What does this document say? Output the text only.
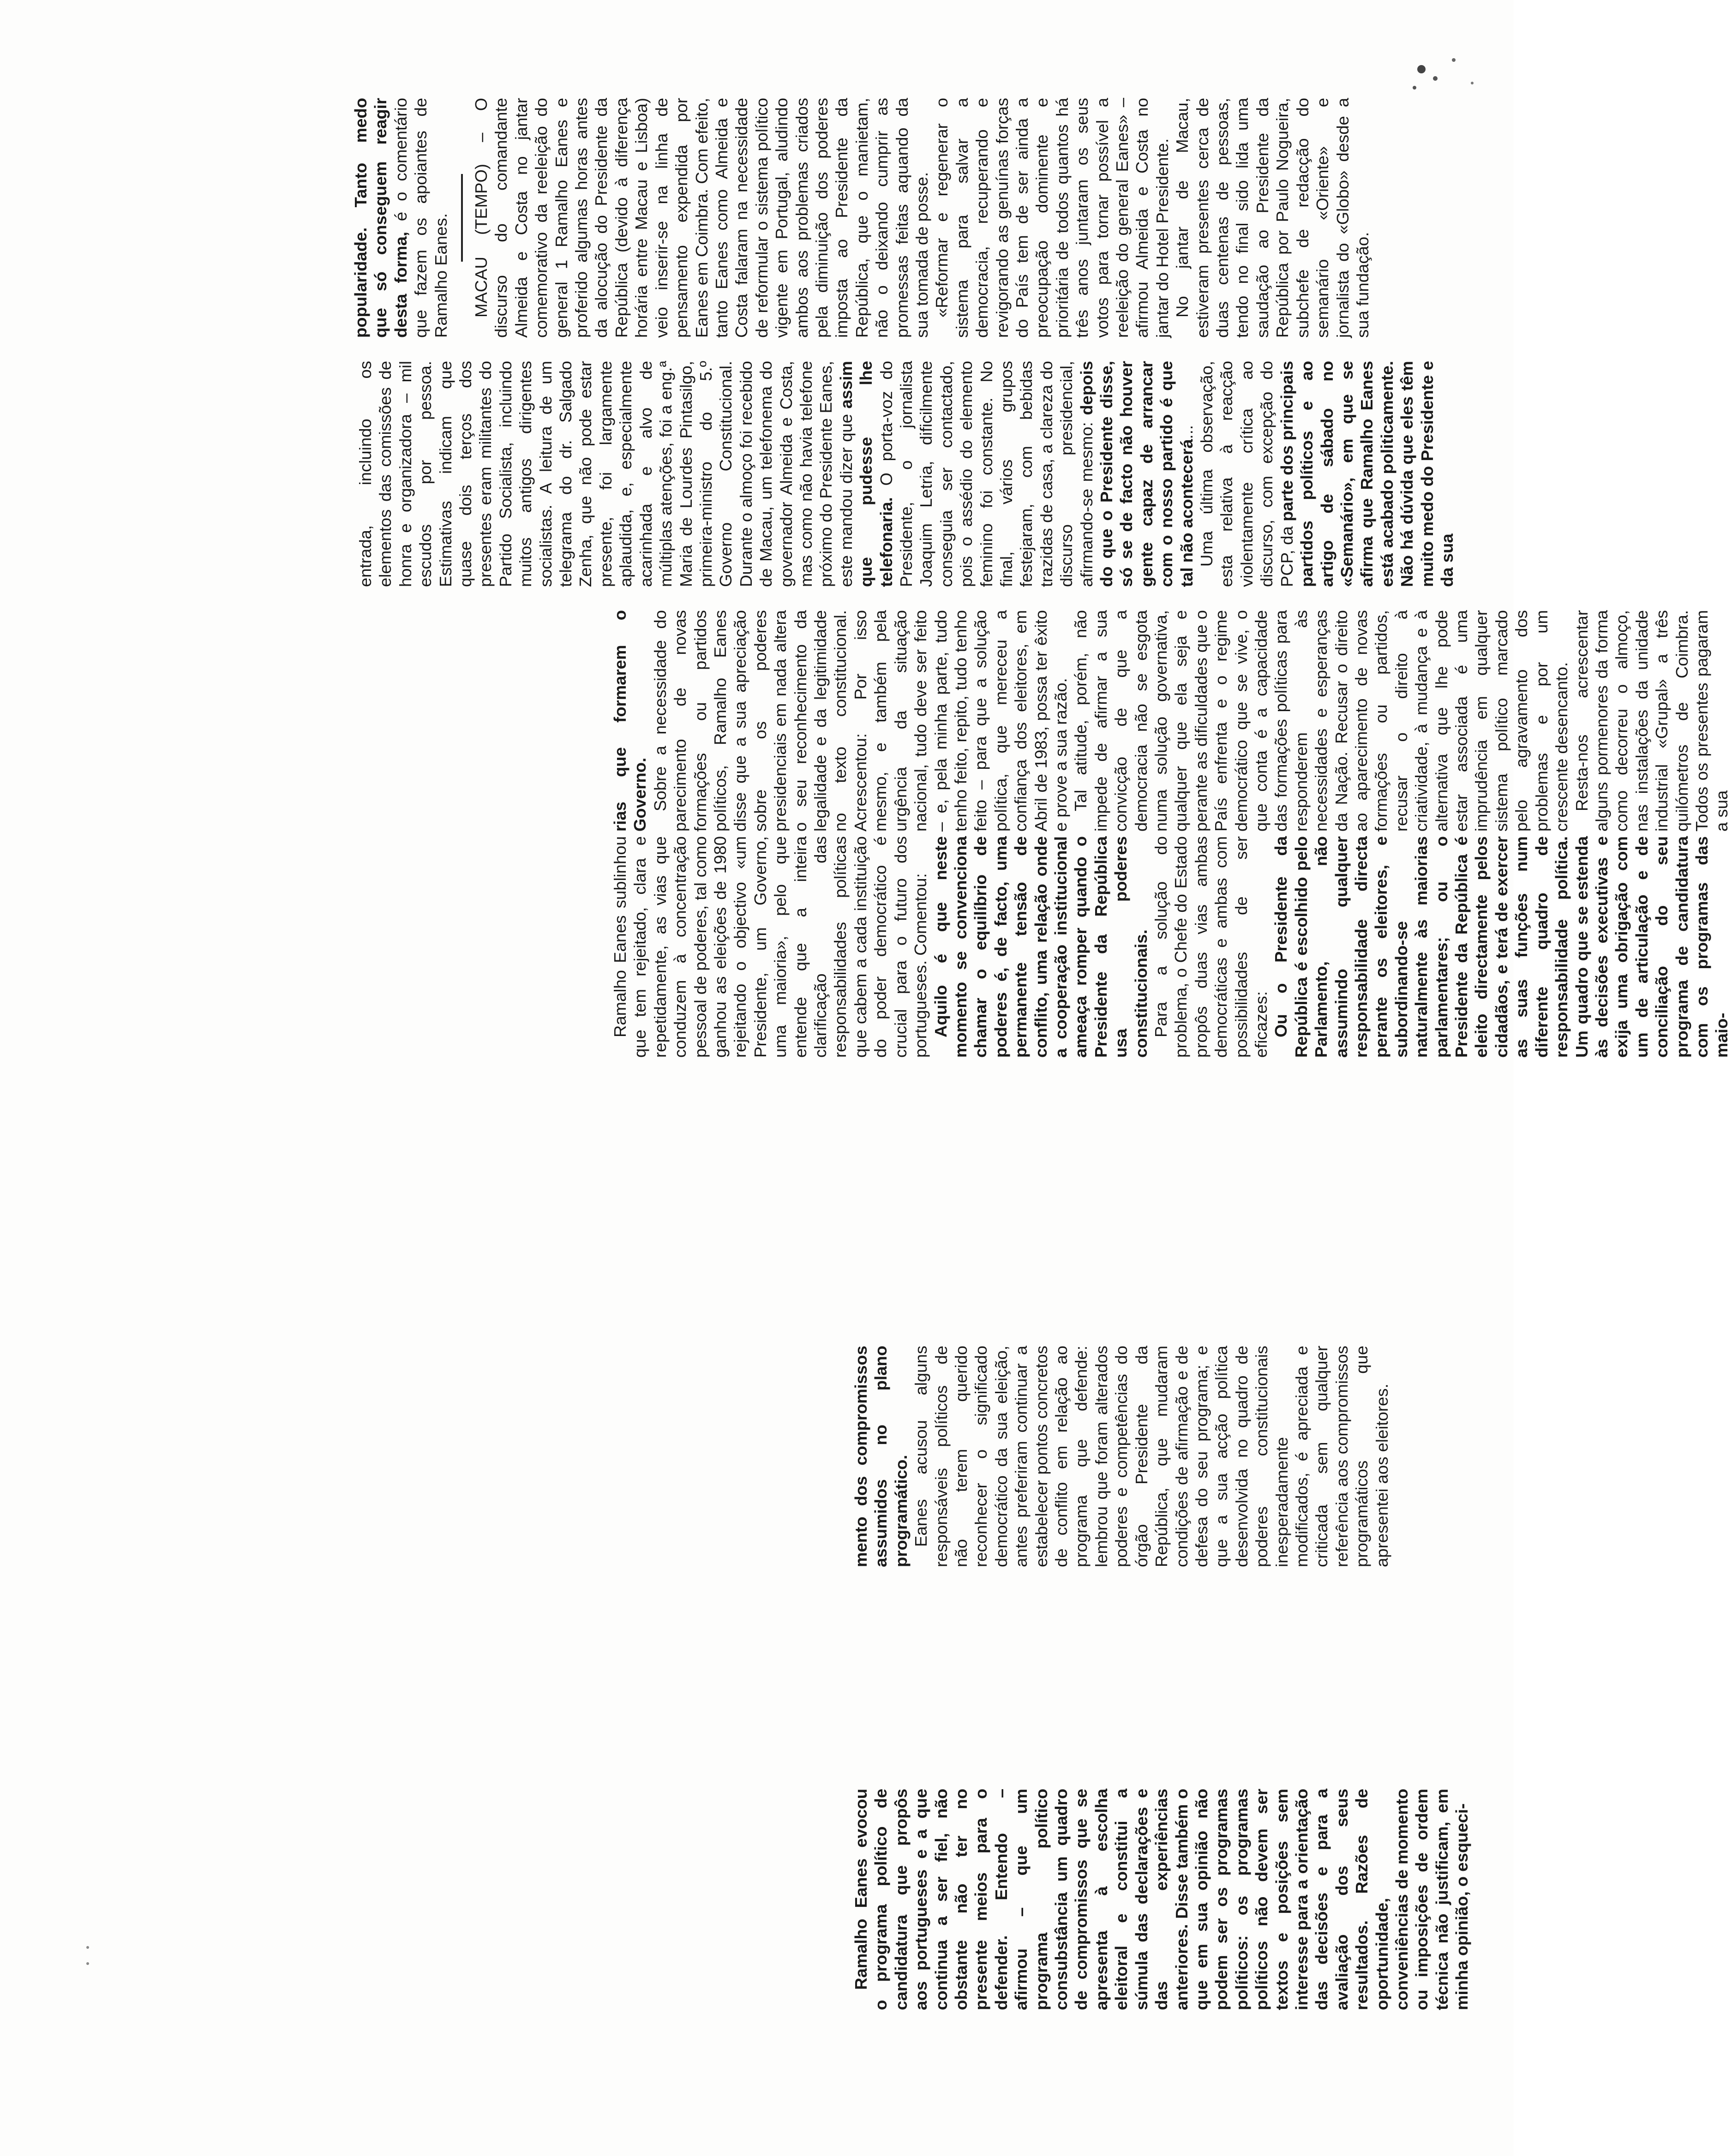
Ramalho Eanes evocou o programa político de candidatura que propôs aos portugueses e a que continua a ser fiel, não obstante não ter no presente meios para o defender. Entendo – afirmou – que um programa político consubstância um quadro de compromissos que se apresenta à escolha eleitoral e constitui a súmula das declarações e das experiências anteriores. Disse também o que em sua opinião não podem ser os programas políticos: os programas políticos não devem ser textos e posições sem interesse para a orientação das decisões e para a avaliação dos seus resultados. Razões de oportunidade, conveniências de momento ou imposições de ordem técnica não justificam, em minha opinião, o esqueci-

mento dos compromissos assumidos no plano programático. Eanes acusou alguns responsáveis políticos de não terem querido reconhecer o significado democrático da sua eleição, antes preferiram continuar a estabelecer pontos concretos de conflito em relação ao programa que defende: lembrou que foram alterados poderes e competências do órgão Presidente da República, que mudaram condições de afirmação e de defesa do seu programa; e que a sua acção política desenvolvida no quadro de poderes constitucionais inesperadamente modificados, é apreciada e criticada sem qualquer referência aos compromissos programáticos que apresentei aos eleitores.

Ramalho Eanes sublinhou que tem rejeitado, clara e repetidamente, as vias que conduzem à concentração pessoal de poderes, tal como ganhou as eleições de 1980 rejeitando o objectivo «um Presidente, um Governo, uma maioria», pelo que entende que a inteira clarificação das responsabilidades políticas que cabem a cada instituição do poder democrático é crucial para o futuro dos portugueses. Comentou: Aquilo é que neste momento se convenciona chamar o equilíbrio de poderes é, de facto, uma permanente tensão de conflito, uma relação onde a cooperação institucional ameaça romper quando o Presidente da República usa poderes constitucionais. Para a solução do problema, o Chefe do Estado propôs duas vias ambas democráticas e ambas com possibilidades de ser eficazes: Ou o Presidente da República é escolhido pelo Parlamento, não assumindo qualquer responsabilidade directa perante os eleitores, e subordinando-se naturalmente às maiorias parlamentares; ou o Presidente da República é eleito directamente pelos cidadãos, e terá de exercer as suas funções num diferente quadro de responsabilidade política. Um quadro que se estenda às decisões executivas e exija uma obrigação com um de articulação e de conciliação do seu programa de candidatura com os programas das maio-

rias que formarem o Governo. Sobre a necessidade do parecimento de novas formações ou partidos políticos, Ramalho Eanes disse que a sua apreciação sobre os poderes presidenciais em nada altera o seu reconhecimento da legalidade e da legitimidade no texto constitucional. Acrescentou: Por isso mesmo, e também pela urgência da situação nacional, tudo deve ser feito – e, pela minha parte, tudo tenho feito, repito, tudo tenho feito – para que a solução política, que mereceu a confiança dos eleitores, em Abril de 1983, possa ter êxito e prove a sua razão. Tal atitude, porém, não impede de afirmar a sua convicção de que a democracia não se esgota numa solução governativa, qualquer que ela seja e perante as dificuldades que o País enfrenta e o regime democrático que se vive, o que conta é a capacidade das formações políticas para responderem às necessidades e esperanças da Nação. Recusar o direito ao aparecimento de novas formações ou partidos, recusar o direito à criatividade, à mudança e à alternativa que lhe pode estar associada é uma imprudência em qualquer sistema político marcado pelo agravamento dos problemas e por um crescente desencanto. Resta-nos acrescentar alguns pormenores da forma como decorreu o almoço, nas instalações da unidade industrial «Grupal» a três quilómetros de Coimbra. Todos os presentes pagaram a sua

entrada, incluindo os elementos das comissões de honra e organizadora – mil escudos por pessoa. Estimativas indicam que quase dois terços dos presentes eram militantes do Partido Socialista, incluindo muitos antigos dirigentes socialistas. A leitura de um telegrama do dr. Salgado Zenha, que não pode estar presente, foi largamente aplaudida, e, especialmente acarinhada e alvo de múltiplas atenções, foi a eng.ª Maria de Lourdes Pintasilgo, primeira-ministro do 5.º Governo Constitucional. Durante o almoço foi recebido de Macau, um telefonema do governador Almeida e Costa, mas como não havia telefone próximo do Presidente Eanes, este mandou dizer que assim que pudesse lhe telefonaria. O porta-voz do Presidente, o jornalista Joaquim Letria, dificilmente conseguia ser contactado, pois o assédio do elemento feminino foi constante. No final, vários grupos festejaram, com bebidas trazidas de casa, a clareza do discurso presidencial, afirmando-se mesmo: depois do que o Presidente disse, só se de facto não houver gente capaz de arrancar com o nosso partido é que tal não acontecerá... Uma última observação, esta relativa à reacção violentamente crítica ao discurso, com excepção do PCP, da parte dos principais partidos políticos e ao artigo de sábado no «Semanário», em que se afirma que Ramalho Eanes está acabado politicamente. Não há dúvida que eles têm muito medo do Presidente e da sua

popularidade. Tanto medo que só conseguem reagir desta forma, é o comentário que fazem os apoiantes de Ramalho Eanes. MACAU (TEMPO) – O discurso do comandante Almeida e Costa no jantar comemorativo da reeleição do general 1 Ramalho Eanes e proferido algumas horas antes da alocução do Presidente da República (devido à diferença horária entre Macau e Lisboa) veio inserir-se na linha de pensamento expendida por Eanes em Coimbra. Com efeito, tanto Eanes como Almeida e Costa falaram na necessidade de reformular o sistema político vigente em Portugal, aludindo ambos aos problemas criados pela diminuição dos poderes imposta ao Presidente da República, que o manietam, não o deixando cumprir as promessas feitas aquando da sua tomada de posse. «Reformar e regenerar o sistema para salvar a democracia, recuperando e revigorando as genuínas forças do País tem de ser ainda a preocupação dominente e prioritária de todos quantos há três anos juntaram os seus votos para tornar possível a reeleição do general Eanes» – afirmou Almeida e Costa no jantar do Hotel Presidente. No jantar de Macau, estiveram presentes cerca de duas centenas de pessoas, tendo no final sido lida uma saudação ao Presidente da República por Paulo Nogueira, subchefe de redacção do semanário «Oriente» e jornalista do «Globo» desde a sua fundação.
